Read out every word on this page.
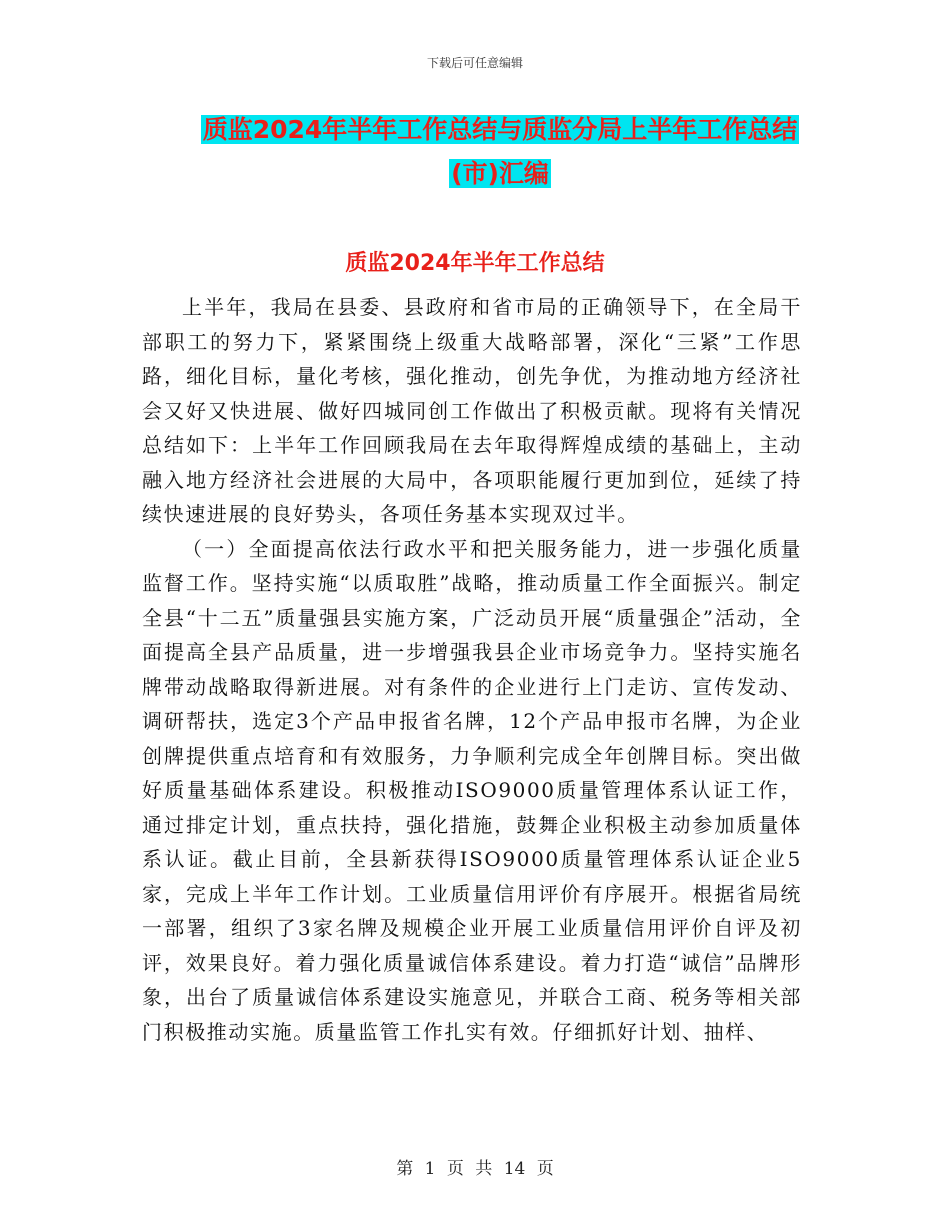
下载后可任意编辑
质监2024年半年工作总结与质监分局上半年工作总结
(市)汇编
质监2024年半年工作总结

上半年，我局在县委、县政府和省市局的正确领导下，在全局干部职工的努力下，紧紧围绕上级重大战略部署，深化“三紧”工作思路，细化目标，量化考核，强化推动，创先争优，为推动地方经济社会又好又快进展、做好四城同创工作做出了积极贡献。现将有关情况总结如下：上半年工作回顾我局在去年取得辉煌成绩的基础上，主动融入地方经济社会进展的大局中，各项职能履行更加到位，延续了持续快速进展的良好势头，各项任务基本实现双过半。

（一）全面提高依法行政水平和把关服务能力，进一步强化质量监督工作。坚持实施“以质取胜”战略，推动质量工作全面振兴。制定全县“十二五”质量强县实施方案，广泛动员开展“质量强企”活动，全面提高全县产品质量，进一步增强我县企业市场竞争力。坚持实施名牌带动战略取得新进展。对有条件的企业进行上门走访、宣传发动、调研帮扶，选定3个产品申报省名牌，12个产品申报市名牌，为企业创牌提供重点培育和有效服务，力争顺利完成全年创牌目标。突出做好质量基础体系建设。积极推动ISO9000质量管理体系认证工作，通过排定计划，重点扶持，强化措施，鼓舞企业积极主动参加质量体系认证。截止目前，全县新获得ISO9000质量管理体系认证企业5家，完成上半年工作计划。工业质量信用评价有序展开。根据省局统一部署，组织了3家名牌及规模企业开展工业质量信用评价自评及初评，效果良好。着力强化质量诚信体系建设。着力打造“诚信”品牌形象，出台了质量诚信体系建设实施意见，并联合工商、税务等相关部门积极推动实施。质量监管工作扎实有效。仔细抓好计划、抽样、

第 1 页 共 14 页
